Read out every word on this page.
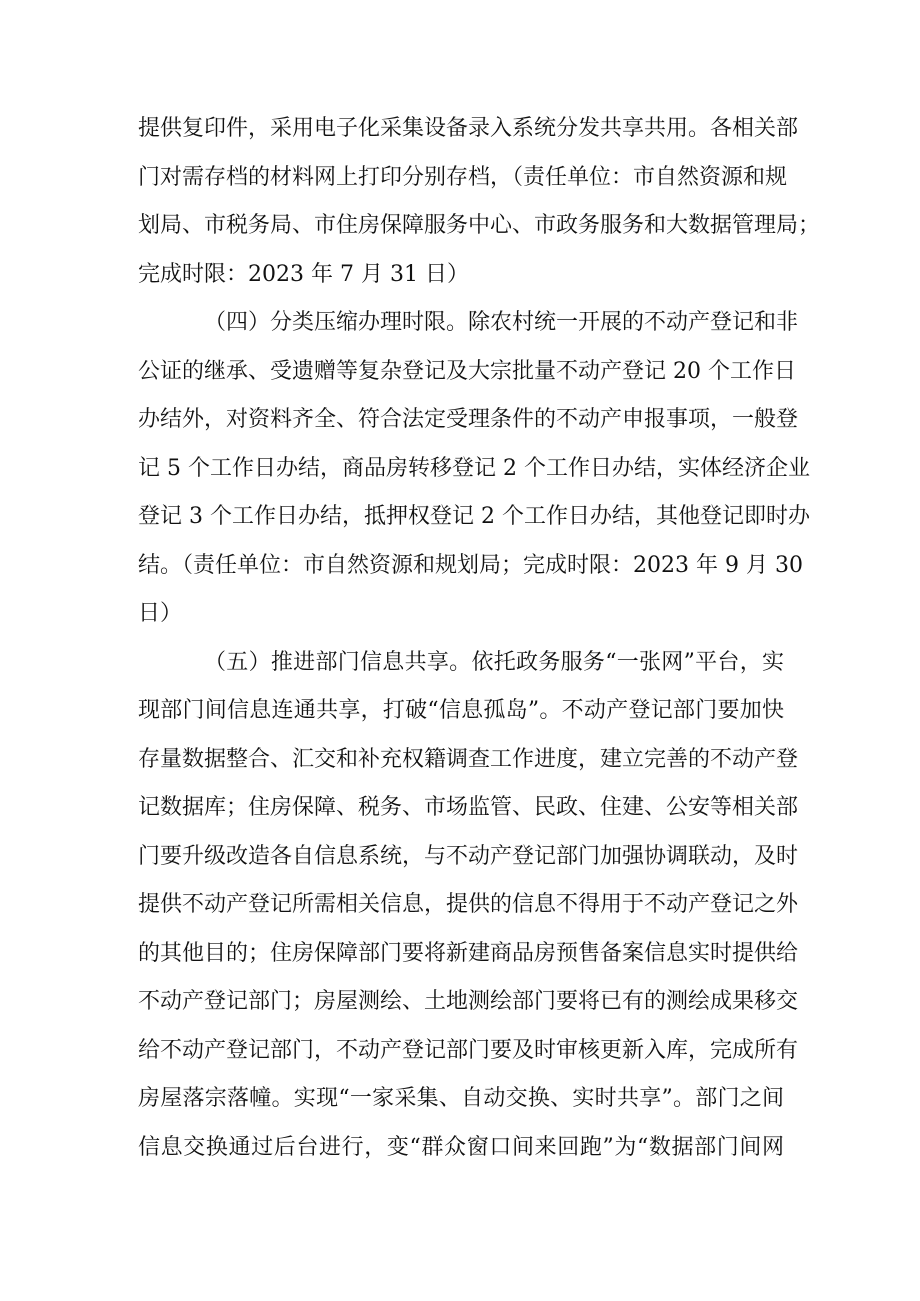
提供复印件，采用电子化采集设备录入系统分发共享共用。各相关部
门对需存档的材料网上打印分别存档，（责任单位：市自然资源和规
划局、市税务局、市住房保障服务中心、市政务服务和大数据管理局；
完成时限：2023 年 7 月 31 日）
（四）分类压缩办理时限。除农村统一开展的不动产登记和非
公证的继承、受遗赠等复杂登记及大宗批量不动产登记 20 个工作日
办结外，对资料齐全、符合法定受理条件的不动产申报事项，一般登
记 5 个工作日办结，商品房转移登记 2 个工作日办结，实体经济企业
登记 3 个工作日办结，抵押权登记 2 个工作日办结，其他登记即时办
结。（责任单位：市自然资源和规划局；完成时限：2023 年 9 月 30
日）
（五）推进部门信息共享。依托政务服务“一张网”平台，实
现部门间信息连通共享，打破“信息孤岛”。不动产登记部门要加快
存量数据整合、汇交和补充权籍调查工作进度，建立完善的不动产登
记数据库；住房保障、税务、市场监管、民政、住建、公安等相关部
门要升级改造各自信息系统，与不动产登记部门加强协调联动，及时
提供不动产登记所需相关信息，提供的信息不得用于不动产登记之外
的其他目的；住房保障部门要将新建商品房预售备案信息实时提供给
不动产登记部门；房屋测绘、土地测绘部门要将已有的测绘成果移交
给不动产登记部门，不动产登记部门要及时审核更新入库，完成所有
房屋落宗落幢。实现“一家采集、自动交换、实时共享”。部门之间
信息交换通过后台进行，变“群众窗口间来回跑”为“数据部门间网
